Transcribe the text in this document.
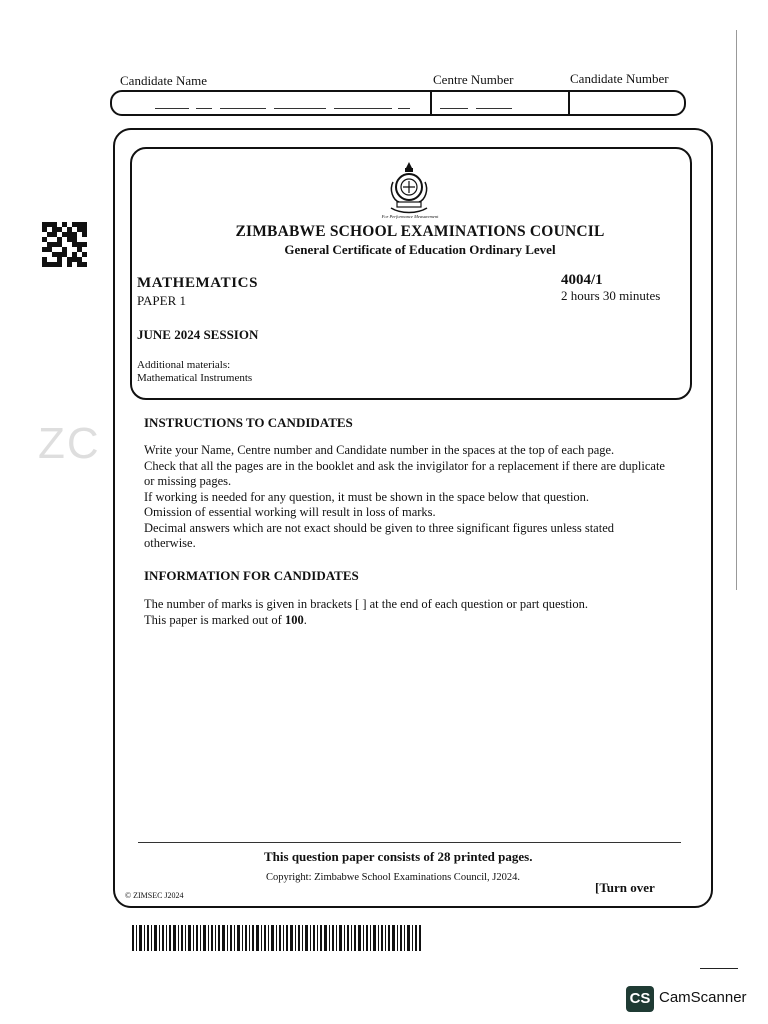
ZC
Candidate Name	Centre Number	Candidate Number
For Performance Measurement
ZIMBABWE SCHOOL EXAMINATIONS COUNCIL
General Certificate of Education Ordinary Level
MATHEMATICS
PAPER 1
4004/1
2 hours 30 minutes
JUNE 2024 SESSION
Additional materials:
Mathematical Instruments
INSTRUCTIONS TO CANDIDATES
Write your Name, Centre number and Candidate number in the spaces at the top of each page.
Check that all the pages are in the booklet and ask the invigilator for a replacement if there are duplicate or missing pages.
If working is needed for any question, it must be shown in the space below that question.
Omission of essential working will result in loss of marks.
Decimal answers which are not exact should be given to three significant figures unless stated otherwise.
INFORMATION FOR CANDIDATES
The number of marks is given in brackets [ ] at the end of each question or part question.
This paper is marked out of 100.
This question paper consists of 28 printed pages.
Copyright: Zimbabwe School Examinations Council, J2024.
[Turn over
© ZIMSEC J2024
CS CamScanner
